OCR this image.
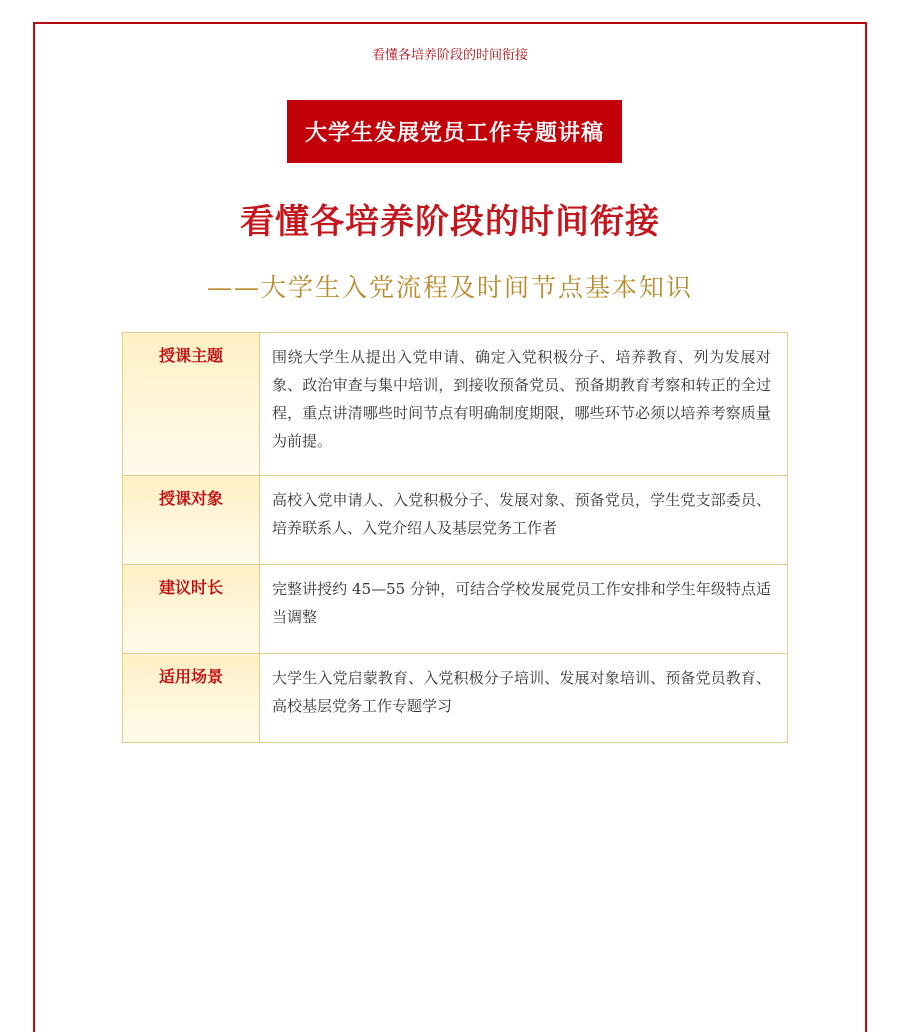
看懂各培养阶段的时间衔接
大学生发展党员工作专题讲稿
看懂各培养阶段的时间衔接
——大学生入党流程及时间节点基本知识
授课主题	围绕大学生从提出入党申请、确定入党积极分子、培养教育、列为发展对象、政治审查与集中培训，到接收预备党员、预备期教育考察和转正的全过程，重点讲清哪些时间节点有明确制度期限，哪些环节必须以培养考察质量为前提。
授课对象	高校入党申请人、入党积极分子、发展对象、预备党员，学生党支部委员、培养联系人、入党介绍人及基层党务工作者
建议时长	完整讲授约 45—55 分钟，可结合学校发展党员工作安排和学生年级特点适当调整
适用场景	大学生入党启蒙教育、入党积极分子培训、发展对象培训、预备党员教育、高校基层党务工作专题学习
